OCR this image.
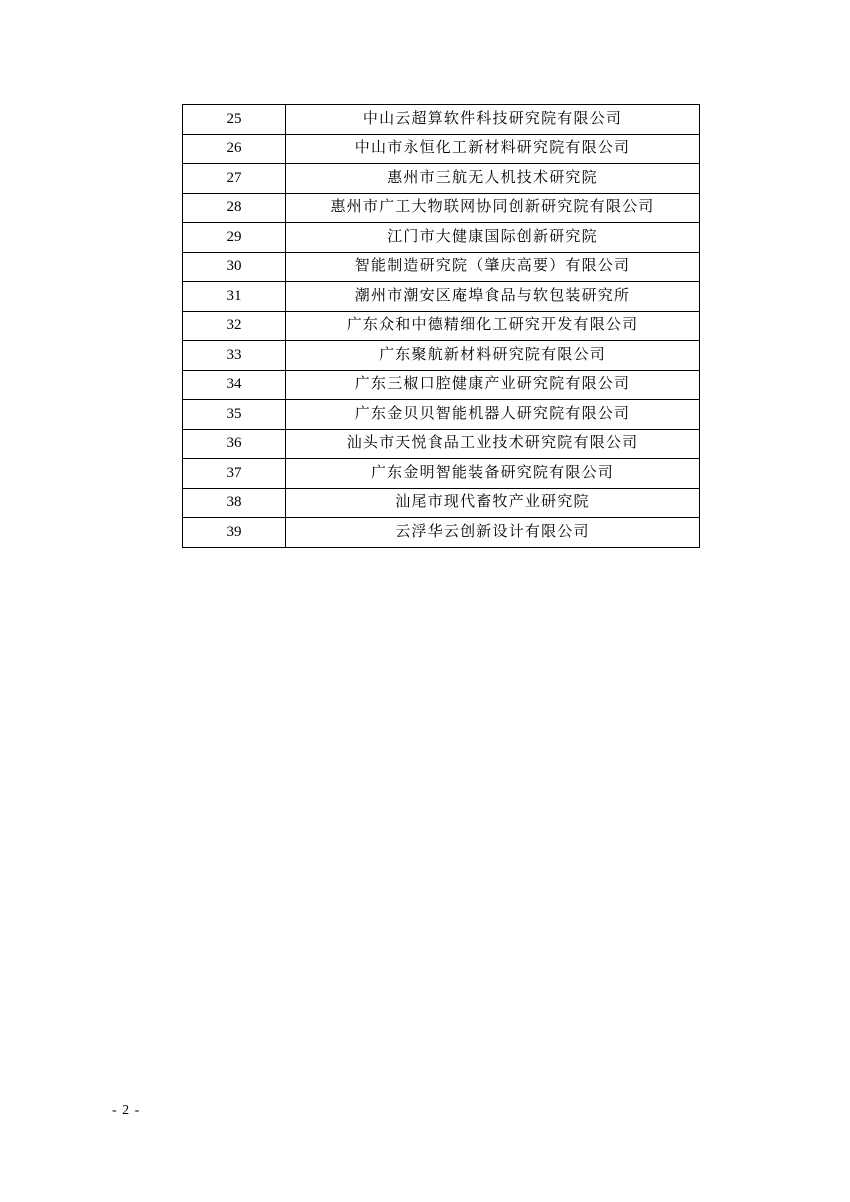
25	中山云超算软件科技研究院有限公司
26	中山市永恒化工新材料研究院有限公司
27	惠州市三航无人机技术研究院
28	惠州市广工大物联网协同创新研究院有限公司
29	江门市大健康国际创新研究院
30	智能制造研究院（肇庆高要）有限公司
31	潮州市潮安区庵埠食品与软包装研究所
32	广东众和中德精细化工研究开发有限公司
33	广东聚航新材料研究院有限公司
34	广东三椒口腔健康产业研究院有限公司
35	广东金贝贝智能机器人研究院有限公司
36	汕头市天悦食品工业技术研究院有限公司
37	广东金明智能装备研究院有限公司
38	汕尾市现代畜牧产业研究院
39	云浮华云创新设计有限公司
- 2 -
